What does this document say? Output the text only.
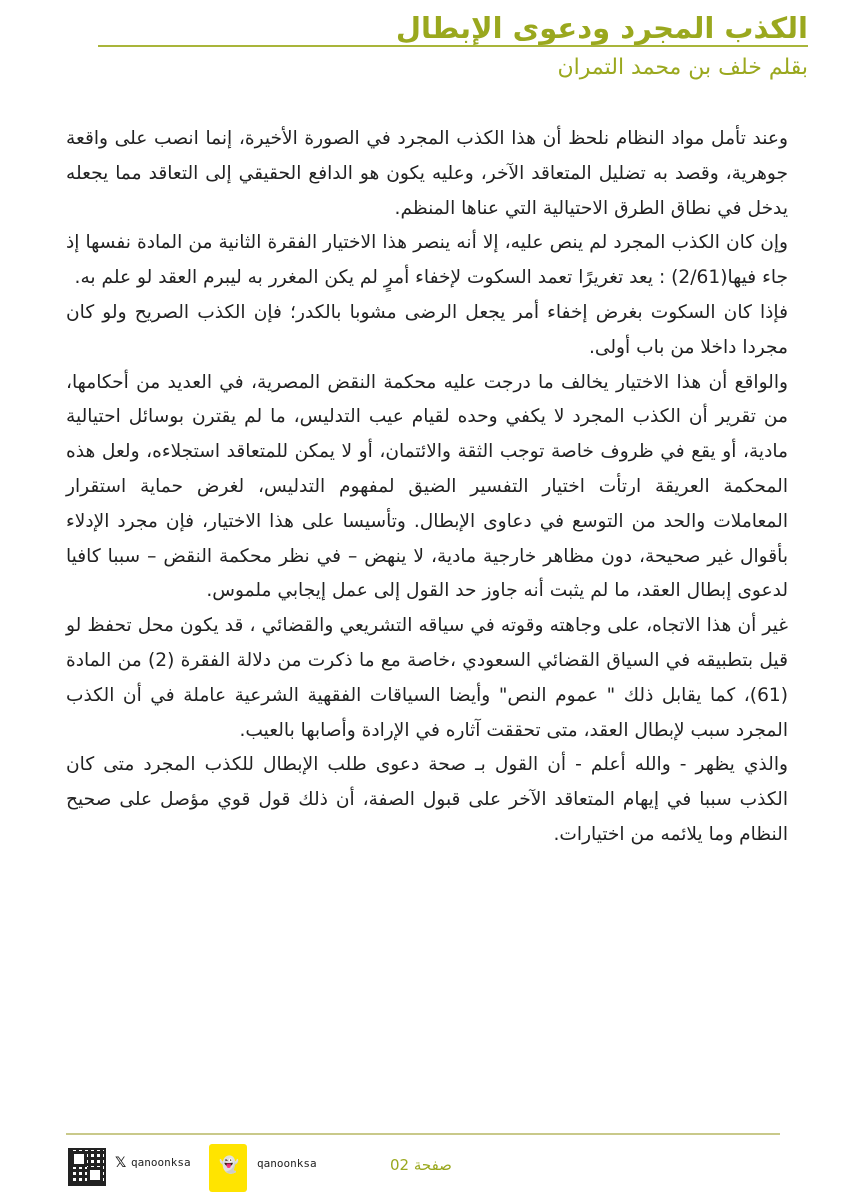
الكذب المجرد ودعوى الإبطال
بقلم خلف بن محمد التمران

وعند تأمل مواد النظام نلحظ أن هذا الكذب المجرد في الصورة الأخيرة، إنما انصب على واقعة جوهرية، وقصد به تضليل المتعاقد الآخر، وعليه يكون هو الدافع الحقيقي إلى التعاقد مما يجعله يدخل في نطاق الطرق الاحتيالية التي عناها المنظم.

وإن كان الكذب المجرد لم ينص عليه، إلا أنه ينصر هذا الاختيار الفقرة الثانية من المادة نفسها إذ جاء فيها(2/61) : يعد تغريرًا تعمد السكوت لإخفاء أمرٍ لم يكن المغرر به ليبرم العقد لو علم به.

فإذا كان السكوت بغرض إخفاء أمر يجعل الرضى مشوبا بالكدر؛ فإن الكذب الصريح ولو كان مجردا داخلا من باب أولى.

والواقع أن هذا الاختيار يخالف ما درجت عليه محكمة النقض المصرية، في العديد من أحكامها، من تقرير أن الكذب المجرد لا يكفي وحده لقيام عيب التدليس، ما لم يقترن بوسائل احتيالية مادية، أو يقع في ظروف خاصة توجب الثقة والائتمان، أو لا يمكن للمتعاقد استجلاءه، ولعل هذه المحكمة العريقة ارتأت اختيار التفسير الضيق لمفهوم التدليس، لغرض حماية استقرار المعاملات والحد من التوسع في دعاوى الإبطال. وتأسيسا على هذا الاختيار، فإن مجرد الإدلاء بأقوال غير صحيحة، دون مظاهر خارجية مادية، لا ينهض – في نظر محكمة النقض – سببا كافيا لدعوى إبطال العقد، ما لم يثبت أنه جاوز حد القول إلى عمل إيجابي ملموس.

غير أن هذا الاتجاه، على وجاهته وقوته في سياقه التشريعي والقضائي ، قد يكون محل تحفظ لو قيل بتطبيقه في السياق القضائي السعودي ،خاصة مع ما ذكرت من دلالة الفقرة (2) من المادة (61)، كما يقابل ذلك " عموم النص" وأيضا السياقات الفقهية الشرعية عاملة في أن الكذب المجرد سبب لإبطال العقد، متى تحققت آثاره في الإرادة وأصابها بالعيب.

والذي يظهر - والله أعلم - أن القول بـ صحة دعوى طلب الإبطال للكذب المجرد متى كان الكذب سببا في إيهام المتعاقد الآخر على قبول الصفة، أن ذلك قول قوي مؤصل على صحيح النظام وما يلائمه من اختيارات.

𝕏 qanoonksa 👻 qanoonksa	صفحة 02
